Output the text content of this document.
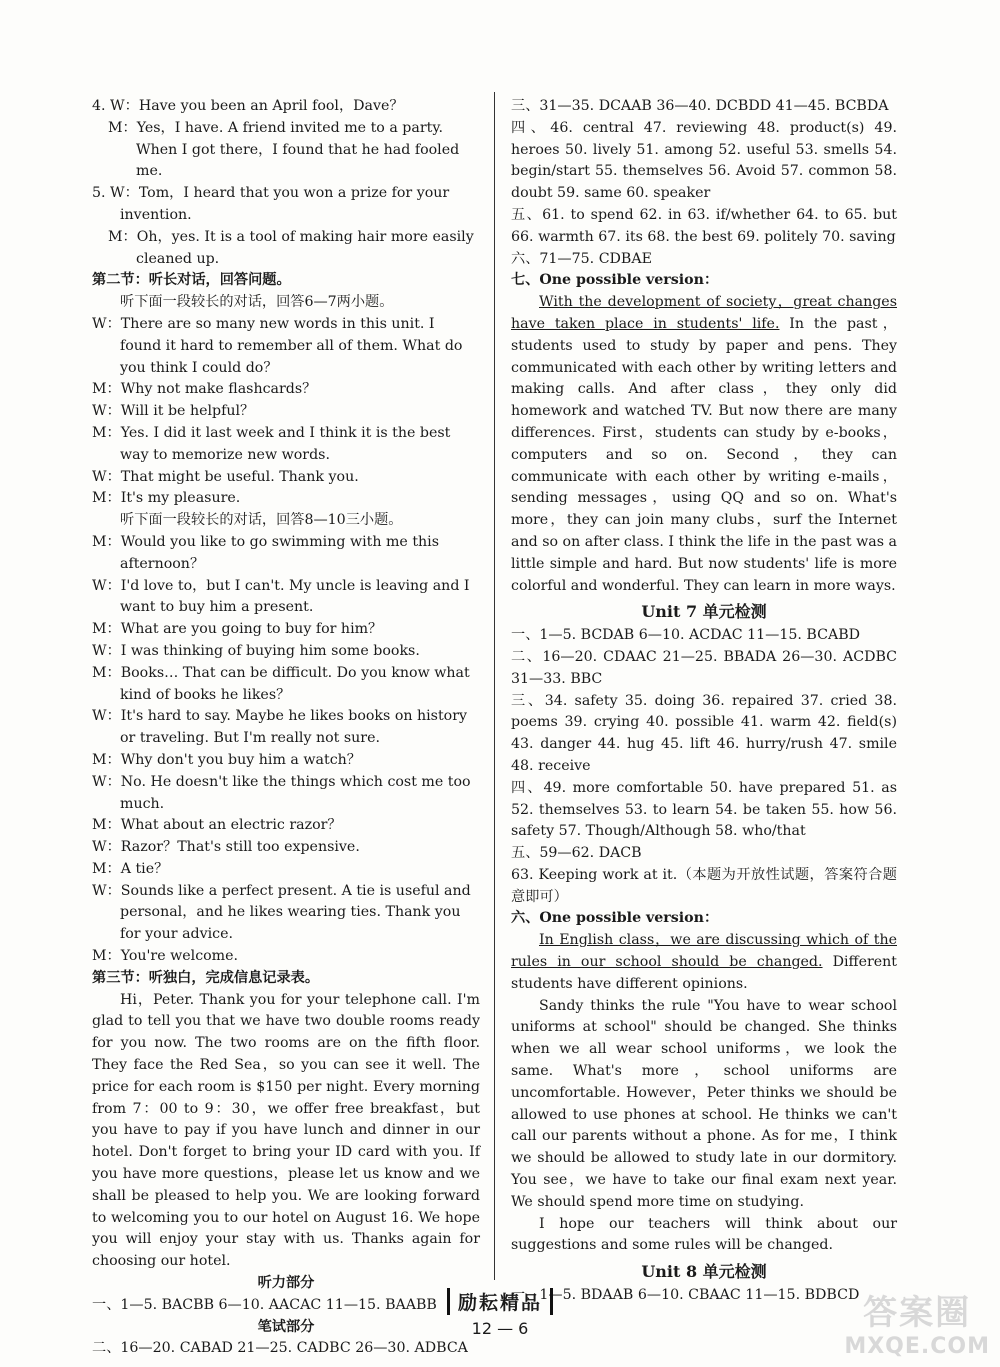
4. W：Have you been an April fool，Dave？
M：Yes，I have. A friend invited me to a party. When I got there，I found that he had fooled me.
5. W：Tom，I heard that you won a prize for your invention.
M：Oh，yes. It is a tool of making hair more easily cleaned up.
第二节：听长对话，回答问题。
听下面一段较长的对话，回答6—7两小题。
W：There are so many new words in this unit. I found it hard to remember all of them. What do you think I could do？
M：Why not make flashcards？
W：Will it be helpful？
M：Yes. I did it last week and I think it is the best way to memorize new words.
W：That might be useful. Thank you.
M：It's my pleasure.
听下面一段较长的对话，回答8—10三小题。
M：Would you like to go swimming with me this afternoon？
W：I'd love to，but I can't. My uncle is leaving and I want to buy him a present.
M：What are you going to buy for him？
W：I was thinking of buying him some books.
M：Books… That can be difficult. Do you know what kind of books he likes？
W：It's hard to say. Maybe he likes books on history or traveling. But I'm really not sure.
M：Why don't you buy him a watch？
W：No. He doesn't like the things which cost me too much.
M：What about an electric razor？
W：Razor？That's still too expensive.
M：A tie？
W：Sounds like a perfect present. A tie is useful and personal，and he likes wearing ties. Thank you for your advice.
M：You're welcome.
第三节：听独白，完成信息记录表。
Hi，Peter. Thank you for your telephone call. I'm glad to tell you that we have two double rooms ready for you now. The two rooms are on the fifth floor. They face the Red Sea，so you can see it well. The price for each room is $150 per night. Every morning from 7：00 to 9：30，we offer free breakfast，but you have to pay if you have lunch and dinner in our hotel. Don't forget to bring your ID card with you. If you have more questions，please let us know and we shall be pleased to help you. We are looking forward to welcoming you to our hotel on August 16. We hope you will enjoy your stay with us. Thanks again for choosing our hotel.
听力部分
一、1—5. BACBB 6—10. AACAC 11—15. BAABB
笔试部分
二、16—20. CABAD 21—25. CADBC 26—30. ADBCA
三、31—35. DCAAB 36—40. DCBDD 41—45. BCBDA
四、46. central 47. reviewing 48. product(s) 49. heroes 50. lively 51. among 52. useful 53. smells 54. begin/start 55. themselves 56. Avoid 57. common 58. doubt 59. same 60. speaker
五、61. to spend 62. in 63. if/whether 64. to 65. but 66. warmth 67. its 68. the best 69. politely 70. saving
六、71—75. CDBAE
七、One possible version：
With the development of society，great changes have taken place in students' life. In the past，students used to study by paper and pens. They communicated with each other by writing letters and making calls. And after class，they only did homework and watched TV. But now there are many differences. First，students can study by e-books，computers and so on. Second，they can communicate with each other by writing e-mails，sending messages，using QQ and so on. What's more，they can join many clubs，surf the Internet and so on after class. I think the life in the past was a little simple and hard. But now students' life is more colorful and wonderful. They can learn in more ways.
Unit 7 单元检测
一、1—5. BCDAB 6—10. ACDAC 11—15. BCABD
二、16—20. CDAAC 21—25. BBADA 26—30. ACDBC 31—33. BBC
三、34. safety 35. doing 36. repaired 37. cried 38. poems 39. crying 40. possible 41. warm 42. field(s) 43. danger 44. hug 45. lift 46. hurry/rush 47. smile 48. receive
四、49. more comfortable 50. have prepared 51. as 52. themselves 53. to learn 54. be taken 55. how 56. safety 57. Though/Although 58. who/that
五、59—62. DACB
63. Keeping work at it.（本题为开放性试题，答案符合题意即可）
六、One possible version：
In English class，we are discussing which of the rules in our school should be changed. Different students have different opinions.
Sandy thinks the rule "You have to wear school uniforms at school" should be changed. She thinks when we all wear school uniforms，we look the same. What's more，school uniforms are uncomfortable. However，Peter thinks we should be allowed to use phones at school. He thinks we can't call our parents without a phone. As for me，I think we should be allowed to study late in our dormitory. You see，we have to take our final exam next year. We should spend more time on studying.
I hope our teachers will think about our suggestions and some rules will be changed.
Unit 8 单元检测
一、1—5. BDAAB 6—10. CBAAC 11—15. BDBCD
励耘精品
12 — 6	答案圈
MXQE.COM
